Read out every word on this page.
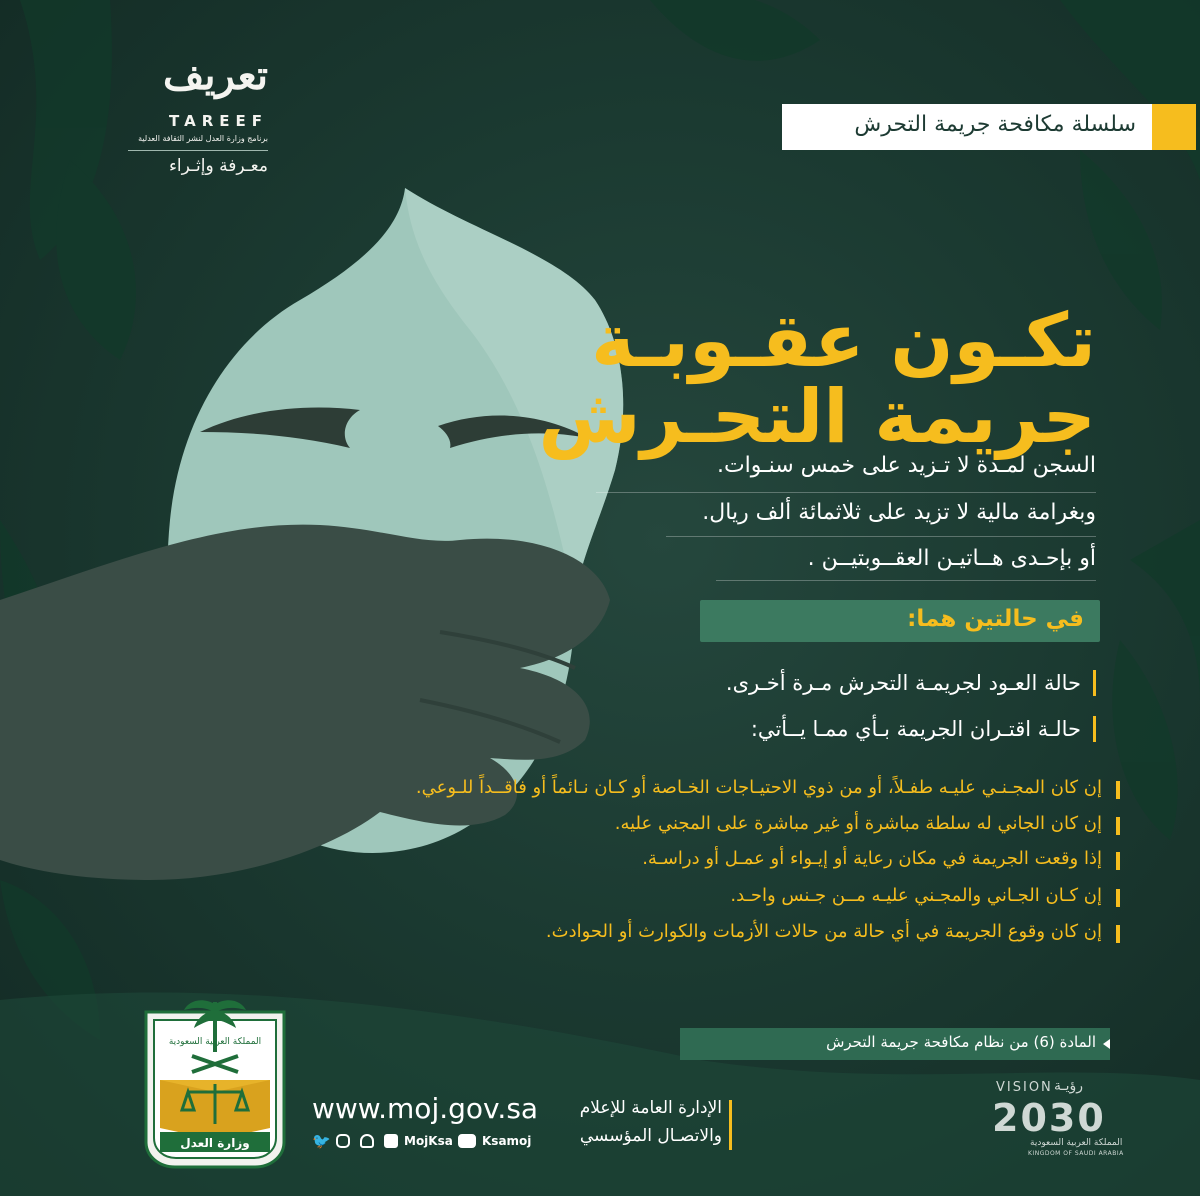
سلسلة مكافحة جريمة التحرش
تعريف
TAREEF
برنامج وزارة العدل لنشر الثقافة العدلية
معـرفة وإثـراء
تكـون عقـوبـة
جريمة التحـرش
السجن لمـدة لا تـزيد على خمس سنـوات.
وبغرامة مالية لا تزيد على ثلاثمائة ألف ريال.
أو بإحـدى هــاتيـن العقــوبتيــن .
في حالتين هما:
حالة العـود لجريمـة التحرش مـرة أخـرى.
حالـة اقتـران الجريمة بـأي ممـا يــأتي:
إن كان المجـنـي عليـه طفـلاً، أو من ذوي الاحتيـاجات الخـاصة أو كـان نـائماً أو فاقــداً للـوعي.
إن كان الجاني له سلطة مباشرة أو غير مباشرة على المجني عليه.
إذا وقعت الجريمة في مكان رعاية أو إيـواء أو عمـل أو دراسـة.
إن كـان الجـاني والمجـني عليـه مــن جـنس واحـد.
إن كان وقوع الجريمة في أي حالة من حالات الأزمات والكوارث أو الحوادث.
المادة (6) من نظام مكافحة جريمة التحرش
المملكة العربية السعودية
وزارة العدل
www.moj.gov.sa
🐦	MojKsa Ksamoj
الإدارة العامة للإعلام
والاتصـال المؤسسي
VISION رؤيـة
2030
المملكة العربية السعودية
KINGDOM OF SAUDI ARABIA
